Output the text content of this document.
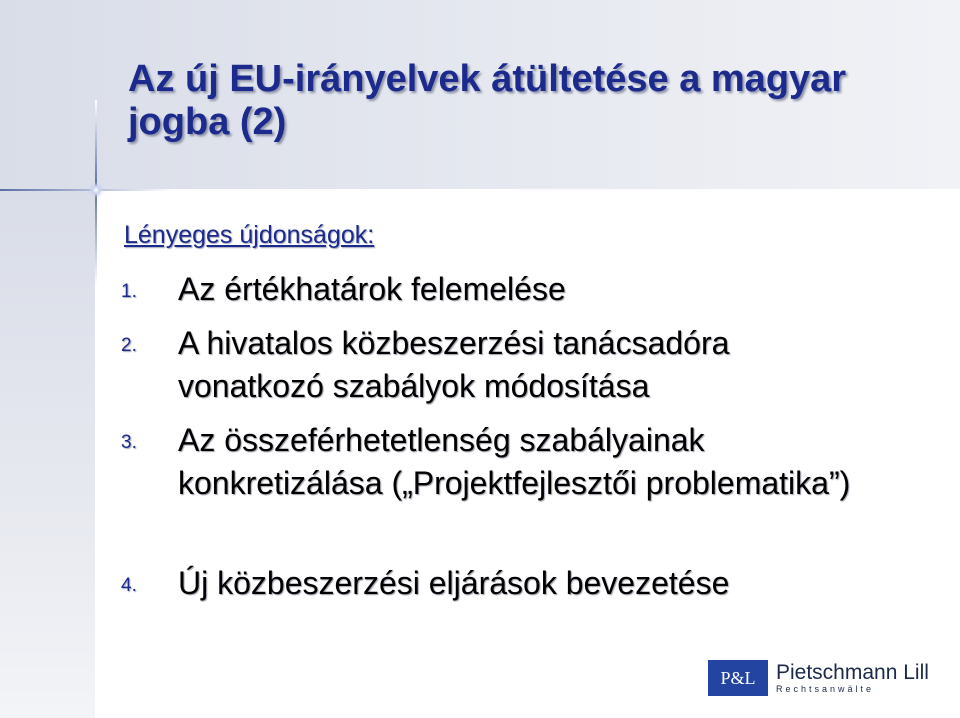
Az új EU-irányelvek átültetése a magyar jogba (2)
Lényeges újdonságok:
1. Az értékhatárok felemelése
2. A hivatalos közbeszerzési tanácsadóra vonatkozó szabályok módosítása
3. Az összeférhetetlenség szabályainak konkretizálása („Projektfejlesztői problematika”)
4. Új közbeszerzési eljárások bevezetése
P&L Pietschmann Lill
Rechtsanwälte
